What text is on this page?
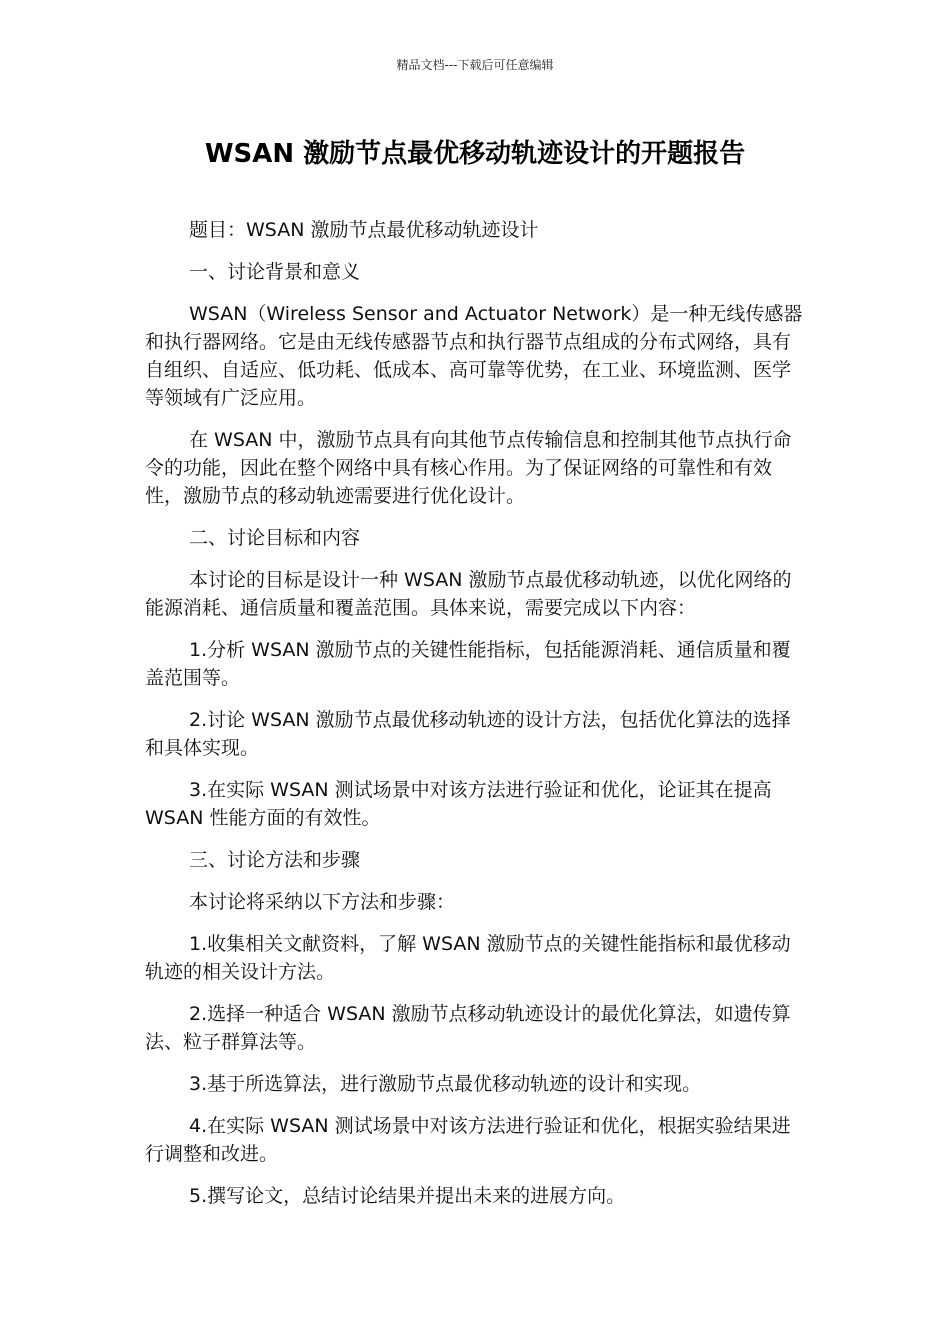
精品文档---下载后可任意编辑
WSAN 激励节点最优移动轨迹设计的开题报告

题目：WSAN 激励节点最优移动轨迹设计

一、讨论背景和意义

WSAN（Wireless Sensor and Actuator Network）是一种无线传感器和执行器网络。它是由无线传感器节点和执行器节点组成的分布式网络，具有自组织、自适应、低功耗、低成本、高可靠等优势，在工业、环境监测、医学等领域有广泛应用。

在 WSAN 中，激励节点具有向其他节点传输信息和控制其他节点执行命令的功能，因此在整个网络中具有核心作用。为了保证网络的可靠性和有效性，激励节点的移动轨迹需要进行优化设计。

二、讨论目标和内容

本讨论的目标是设计一种 WSAN 激励节点最优移动轨迹，以优化网络的能源消耗、通信质量和覆盖范围。具体来说，需要完成以下内容：

1.分析 WSAN 激励节点的关键性能指标，包括能源消耗、通信质量和覆盖范围等。

2.讨论 WSAN 激励节点最优移动轨迹的设计方法，包括优化算法的选择和具体实现。

3.在实际 WSAN 测试场景中对该方法进行验证和优化，论证其在提高 WSAN 性能方面的有效性。

三、讨论方法和步骤

本讨论将采纳以下方法和步骤：

1.收集相关文献资料，了解 WSAN 激励节点的关键性能指标和最优移动轨迹的相关设计方法。

2.选择一种适合 WSAN 激励节点移动轨迹设计的最优化算法，如遗传算法、粒子群算法等。

3.基于所选算法，进行激励节点最优移动轨迹的设计和实现。

4.在实际 WSAN 测试场景中对该方法进行验证和优化，根据实验结果进行调整和改进。

5.撰写论文，总结讨论结果并提出未来的进展方向。
